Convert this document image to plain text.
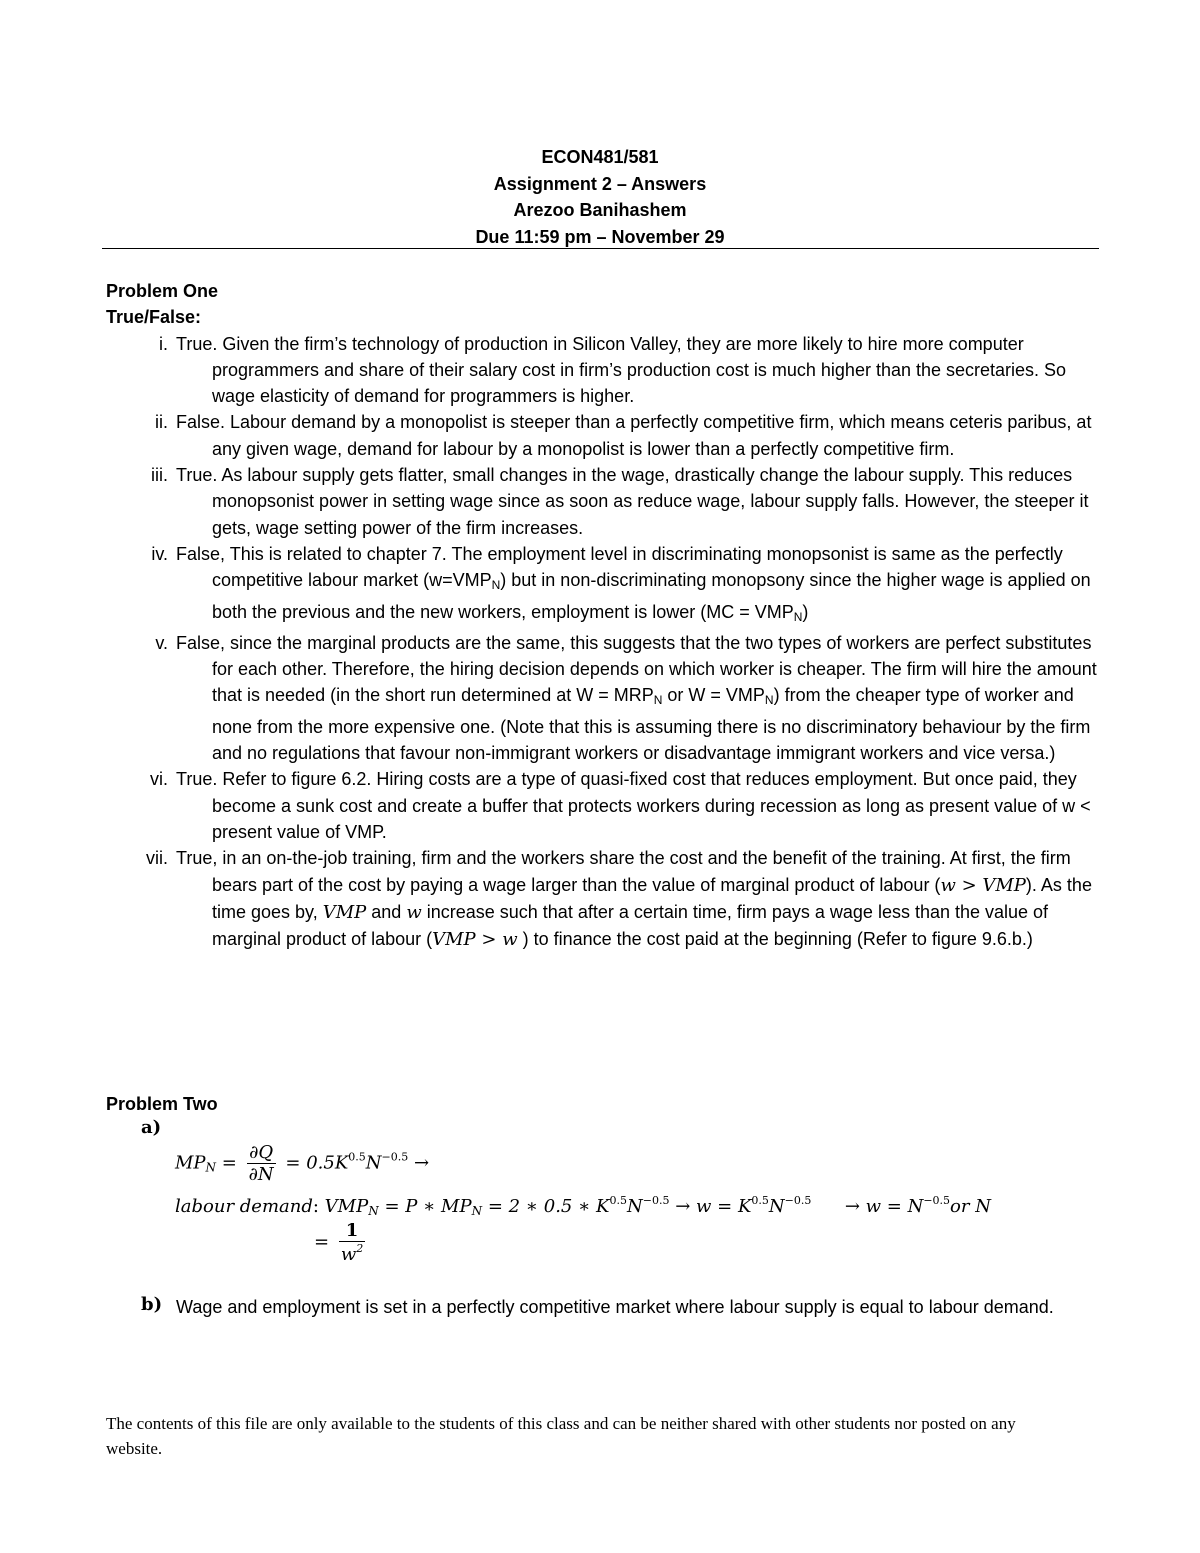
ECON481/581
Assignment 2 – Answers
Arezoo Banihashem
Due 11:59 pm – November 29
Problem One
True/False:
i. True. Given the firm’s technology of production in Silicon Valley, they are more likely to hire more computer programmers and share of their salary cost in firm’s production cost is much higher than the secretaries. So wage elasticity of demand for programmers is higher.
ii. False. Labour demand by a monopolist is steeper than a perfectly competitive firm, which means ceteris paribus, at any given wage, demand for labour by a monopolist is lower than a perfectly competitive firm.
iii. True. As labour supply gets flatter, small changes in the wage, drastically change the labour supply. This reduces monopsonist power in setting wage since as soon as reduce wage, labour supply falls. However, the steeper it gets, wage setting power of the firm increases.
iv. False, This is related to chapter 7. The employment level in discriminating monopsonist is same as the perfectly competitive labour market $(w=VMP_N)$ but in non-discriminating monopsony since the higher wage is applied on both the previous and the new workers, employment is lower $(MC = VMP_N)$
v. False, since the marginal products are the same, this suggests that the two types of workers are perfect substitutes for each other. Therefore, the hiring decision depends on which worker is cheaper. The firm will hire the amount that is needed (in the short run determined at $W = MRP_N$ or $W = VMP_N$) from the cheaper type of worker and none from the more expensive one. (Note that this is assuming there is no discriminatory behaviour by the firm and no regulations that favour non-immigrant workers or disadvantage immigrant workers and vice versa.)
vi. True. Refer to figure 6.2. Hiring costs are a type of quasi-fixed cost that reduces employment. But once paid, they become a sunk cost and create a buffer that protects workers during recession as long as present value of w < present value of VMP.
vii. True, in an on-the-job training, firm and the workers share the cost and the benefit of the training. At first, the firm bears part of the cost by paying a wage larger than the value of marginal product of labour (w > VMP). As the time goes by, VMP and w increase such that after a certain time, firm pays a wage less than the value of marginal product of labour (VMP > w ) to finance the cost paid at the beginning (Refer to figure 9.6.b.)
Problem Two
a)
$MP_N = \frac{\partial Q}{\partial N} = 0.5K^{0.5}N^{-0.5}$ →
labour demand: $VMP_N = P$ ∗ $MP_N = 2$ ∗ 0.5 ∗ $K^{0.5}N^{-0.5} \to w = K^{0.5}N^{-0.5} \to w = N^{-0.5}or$ N
= $\frac{1}{w^2}$
b) Wage and employment is set in a perfectly competitive market where labour supply is equal to labour demand.
The contents of this file are only available to the students of this class and can be neither shared with other students nor posted on any website.
